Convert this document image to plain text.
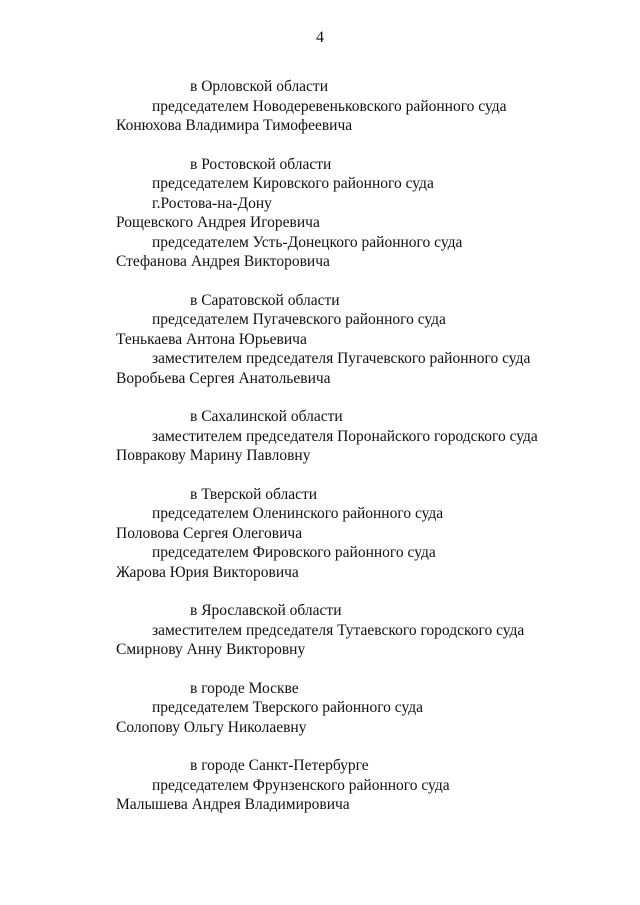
4
в Орловской области
председателем Новодеревеньковского районного суда
Конюхова Владимира Тимофеевича
в Ростовской области
председателем Кировского районного суда
г.Ростова-на-Дону
Рощевского Андрея Игоревича
председателем Усть-Донецкого районного суда
Стефанова Андрея Викторовича
в Саратовской области
председателем Пугачевского районного суда
Тенькаева Антона Юрьевича
заместителем председателя Пугачевского районного суда
Воробьева Сергея Анатольевича
в Сахалинской области
заместителем председателя Поронайского городского суда
Повракову Марину Павловну
в Тверской области
председателем Оленинского районного суда
Половова Сергея Олеговича
председателем Фировского районного суда
Жарова Юрия Викторовича
в Ярославской области
заместителем председателя Тутаевского городского суда
Смирнову Анну Викторовну
в городе Москве
председателем Тверского районного суда
Солопову Ольгу Николаевну
в городе Санкт-Петербурге
председателем Фрунзенского районного суда
Малышева Андрея Владимировича
